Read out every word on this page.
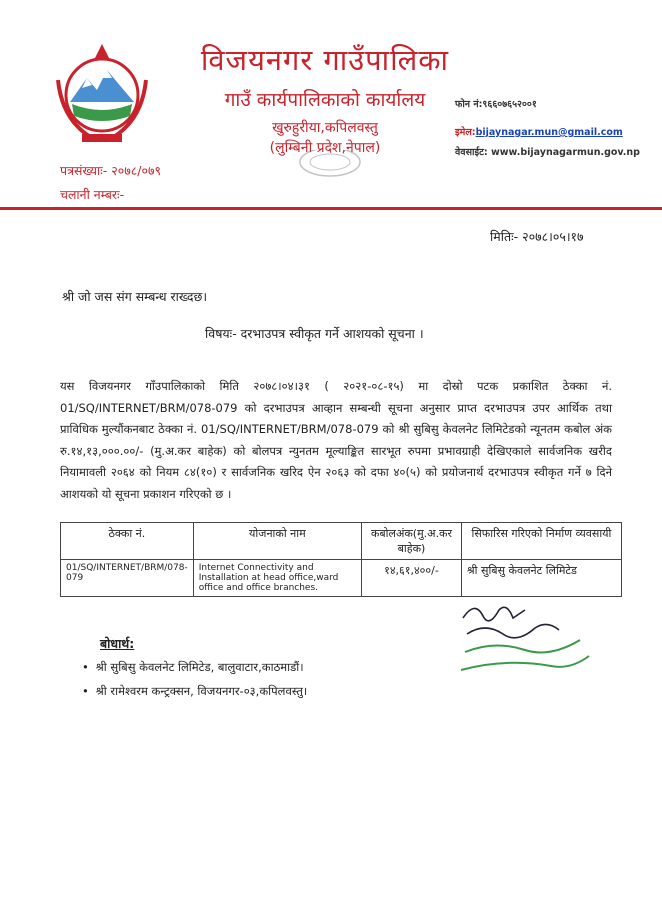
विजयनगर गाउँपालिका
गाउँ कार्यपालिकाको कार्यालय
खुरुहुरीया,कपिलवस्तु
(लुम्बिनी प्रदेश,नेपाल)
फोन नं:९६६०७६५२००१
इमेल:bijaynagar.mun@gmail.com
वेवसाईट: www.bijaynagarmun.gov.np
पत्रसंख्याः- २०७८/०७९
चलानी नम्बरः-
मितिः- २०७८।०५।१७
श्री जो जस संग सम्बन्ध राख्दछ।
विषयः- दरभाउपत्र स्वीकृत गर्ने आशयको सूचना ।
यस विजयनगर गाँउपालिकाको मिति २०७८।०४।३१ ( २०२१-०८-१५) मा दोस्रो पटक प्रकाशित ठेक्का नं. 01/SQ/INTERNET/BRM/078-079 को दरभाउपत्र आव्हान सम्बन्धी सूचना अनुसार प्राप्त दरभाउपत्र उपर आर्थिक तथा प्राविधिक मुल्यौंकनबाट ठेक्का नं. 01/SQ/INTERNET/BRM/078-079 को श्री सुबिसु केवलनेट लिमिटेडको न्यूनतम कबोल अंक रु.१४,१३,०००.००/- (मु.अ.कर बाहेक) को बोलपत्र न्युनतम मूल्याङ्कित सारभूत रुपमा प्रभावग्राही देखिएकाले सार्वजनिक खरीद नियामावली २०६४ को नियम ८४(१०) र सार्वजनिक खरिद ऐन २०६३ को दफा ४०(५) को प्रयोजनार्थ दरभाउपत्र स्वीकृत गर्ने ७ दिने आशयको यो सूचना प्रकाशन गरिएको छ ।
ठेक्का नं.	योजनाको नाम	कबोलअंक(मु.अ.कर बाहेक)	सिफारिस गरिएको निर्माण व्यवसायी
01/SQ/INTERNET/BRM/078-079	Internet Connectivity and Installation at head office,ward office and office branches.	१४,६१,४००/-	श्री सुबिसु केवलनेट लिमिटेड
बोधार्थ:
• श्री सुबिसु केवलनेट लिमिटेड, बालुवाटार,काठमाडौं।
• श्री रामेश्वरम कन्ट्रक्सन, विजयनगर-०३,कपिलवस्तु।
